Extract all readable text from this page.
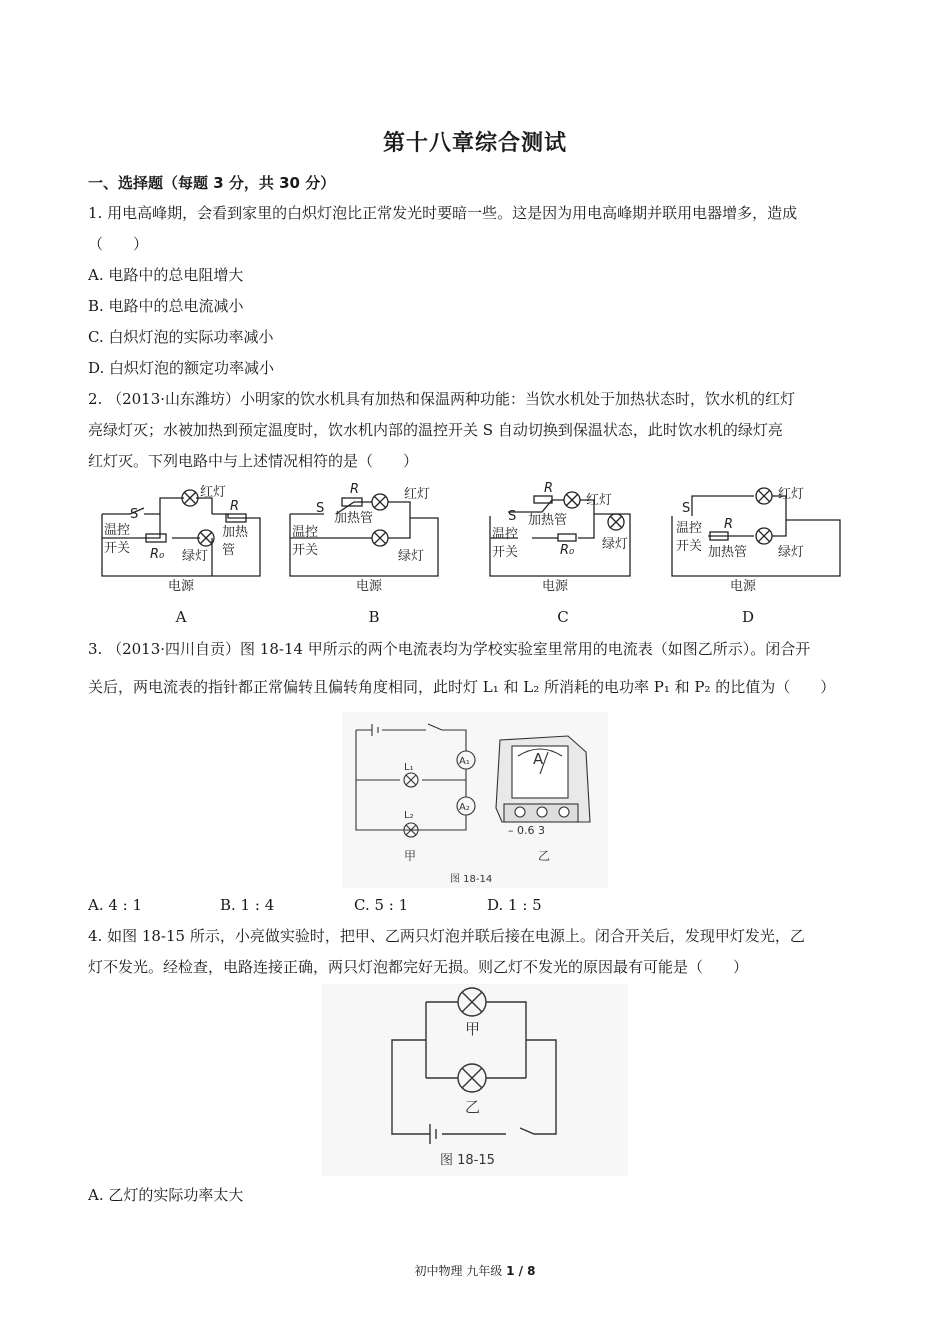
第十八章综合测试
一、选择题（每题 3 分，共 30 分）
1. 用电高峰期，会看到家里的白炽灯泡比正常发光时要暗一些。这是因为用电高峰期并联用电器增多，造成
（　　）
A. 电路中的总电阻增大
B. 电路中的总电流减小
C. 白炽灯泡的实际功率减小
D. 白炽灯泡的额定功率减小
2. （2013·山东潍坊）小明家的饮水机具有加热和保温两种功能：当饮水机处于加热状态时，饮水机的红灯
亮绿灯灭；水被加热到预定温度时，饮水机内部的温控开关 S 自动切换到保温状态，此时饮水机的绿灯亮
红灯灭。下列电路中与上述情况相符的是（　　）
红灯
S
温控
开关
R
加热
管
R₀ 绿灯
电源
R	红灯
S
加热管
温控
开关	绿灯
电源
R
红灯
S 加热管
温控
开关	R₀ 绿灯
电源
红灯
S
温控
开关
R
加热管 绿灯
电源
A	B	C	D
3. （2013·四川自贡）图 18-14 甲所示的两个电流表均为学校实验室里常用的电流表（如图乙所示）。闭合开
关后，两电流表的指针都正常偏转且偏转角度相同，此时灯 L₁ 和 L₂ 所消耗的电功率 P₁ 和 P₂ 的比值为（　　）
L₁
L₂
A₁
A₂
A
– 0.6 3
甲	乙
图 18-14
A. 4 : 1	B. 1 : 4	C. 5 : 1	D. 1 : 5
4. 如图 18-15 所示，小亮做实验时，把甲、乙两只灯泡并联后接在电源上。闭合开关后，发现甲灯发光，乙
灯不发光。经检查，电路连接正确，两只灯泡都完好无损。则乙灯不发光的原因最有可能是（　　）
甲
乙
图 18-15
A. 乙灯的实际功率太大
初中物理 九年级 1 / 8
